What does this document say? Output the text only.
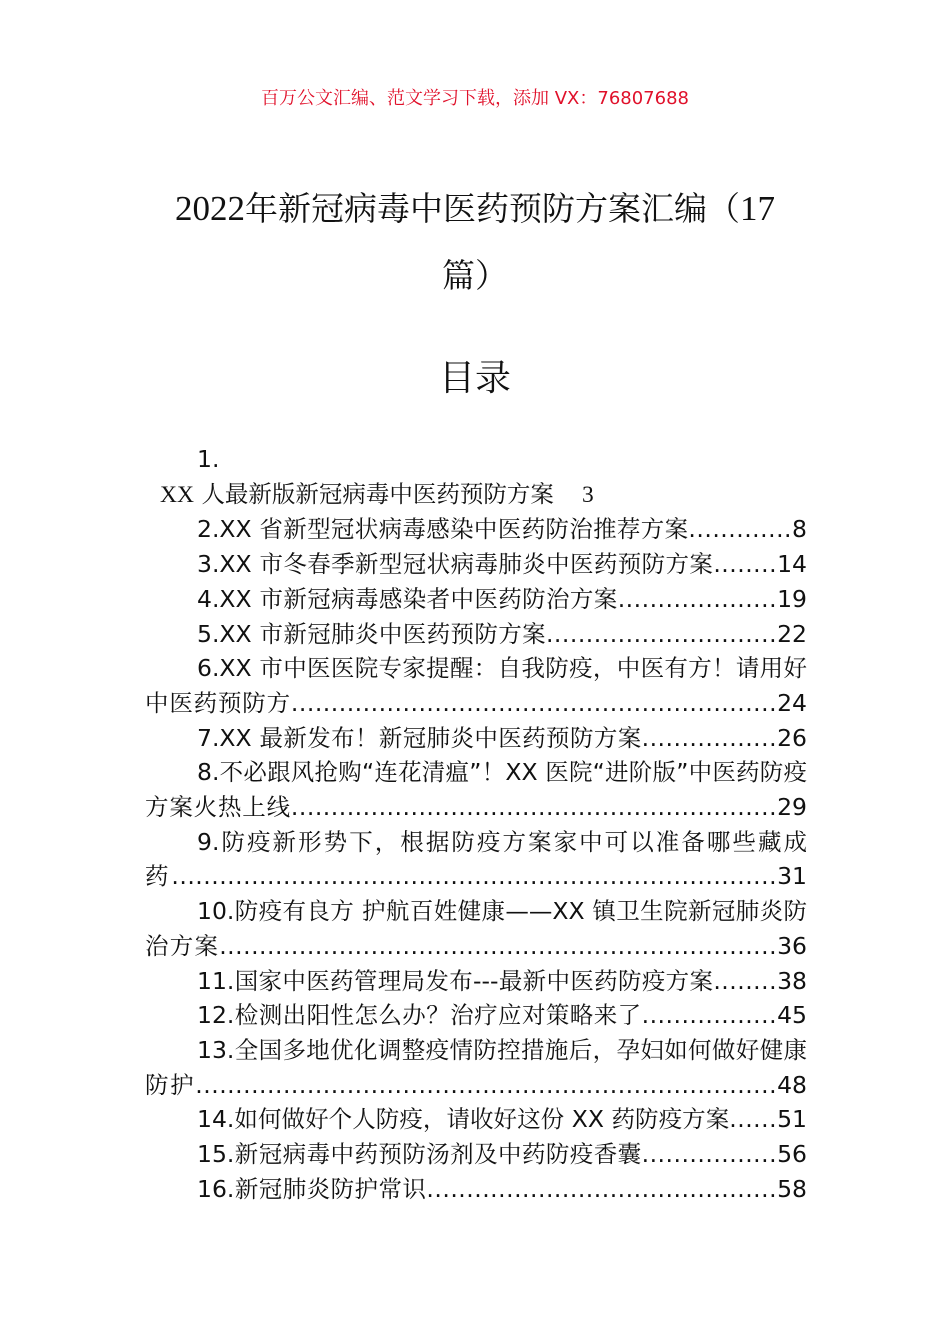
百万公文汇编、范文学习下载，添加 VX：76807688
2022年新冠病毒中医药预防方案汇编（17
篇）
目录
1.
XX 人最新版新冠病毒中医药预防方案 3
2.XX 省新型冠状病毒感染中医药防治推荐方案.............8
3.XX 市冬春季新型冠状病毒肺炎中医药预防方案........14
4.XX 市新冠病毒感染者中医药防治方案....................19
5.XX 市新冠肺炎中医药预防方案.............................22
6.XX 市中医医院专家提醒：自我防疫，中医有方！请用好中医药预防方.............................................................24
7.XX 最新发布！新冠肺炎中医药预防方案.................26
8.不必跟风抢购“连花清瘟”！XX 医院“进阶版”中医药防疫方案火热上线.............................................................29
9.防疫新形势下，根据防疫方案家中可以准备哪些藏成药............................................................................31
10.防疫有良方 护航百姓健康——XX 镇卫生院新冠肺炎防治方案......................................................................36
11.国家中医药管理局发布---最新中医药防疫方案........38
12.检测出阳性怎么办？治疗应对策略来了.................45
13.全国多地优化调整疫情防控措施后，孕妇如何做好健康防护.........................................................................48
14.如何做好个人防疫，请收好这份 XX 药防疫方案......51
15.新冠病毒中药预防汤剂及中药防疫香囊.................56
16.新冠肺炎防护常识............................................58
